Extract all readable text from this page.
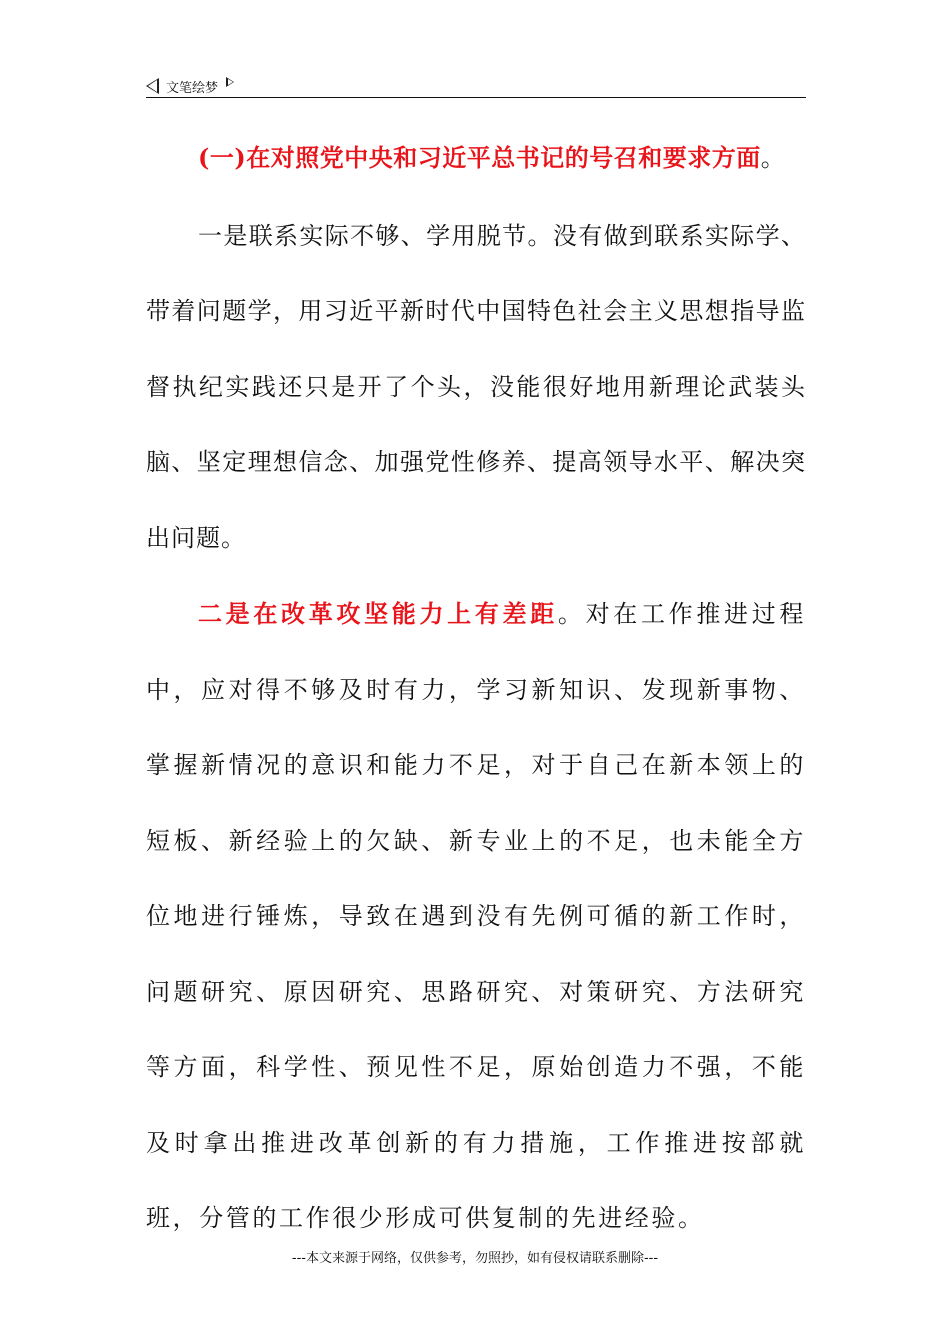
文笔绘梦

(一)在对照党中央和习近平总书记的号召和要求方面。

一是联系实际不够、学用脱节。没有做到联系实际学、带着问题学，用习近平新时代中国特色社会主义思想指导监督执纪实践还只是开了个头，没能很好地用新理论武装头脑、坚定理想信念、加强党性修养、提高领导水平、解决突出问题。

二是在改革攻坚能力上有差距。对在工作推进过程中，应对得不够及时有力，学习新知识、发现新事物、掌握新情况的意识和能力不足，对于自己在新本领上的短板、新经验上的欠缺、新专业上的不足，也未能全方位地进行锤炼，导致在遇到没有先例可循的新工作时，问题研究、原因研究、思路研究、对策研究、方法研究等方面，科学性、预见性不足，原始创造力不强，不能及时拿出推进改革创新的有力措施，工作推进按部就班，分管的工作很少形成可供复制的先进经验。

---本文来源于网络，仅供参考，勿照抄，如有侵权请联系删除---
